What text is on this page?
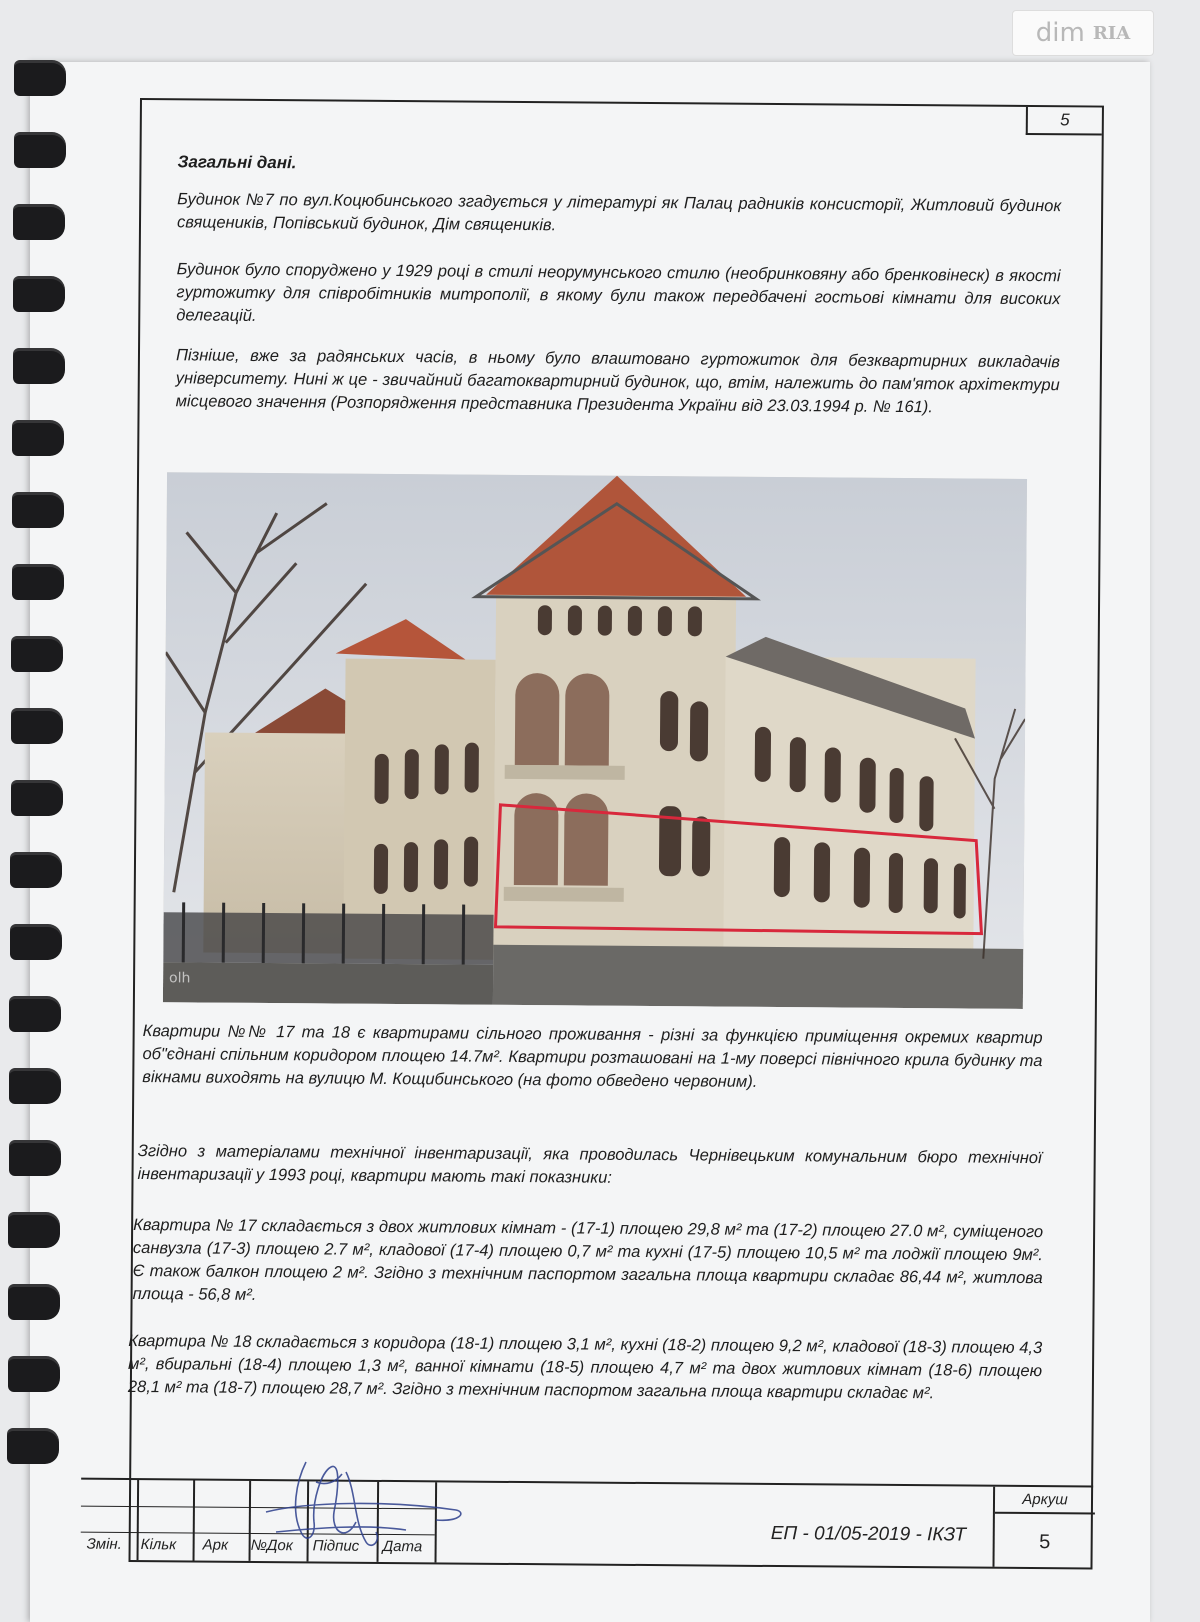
dim RIA
5

Загальні дані.

Будинок №7 по вул.Коцюбинського згадується у літературі як Палац радників консисторії, Житловий будинок священиків, Попівський будинок, Дім священиків.

Будинок було споруджено у 1929 році в стилі неорумунського стилю (необринковяну або бренковінеск) в якості гуртожитку для співробітників митрополії, в якому були також передбачені гостьові кімнати для високих делегацій.

Пізніше, вже за радянських часів, в ньому було влаштовано гуртожиток для безквартирних викладачів університету. Нині ж це - звичайний багатоквартирний будинок, що, втім, належить до пам'яток архітектури місцевого значення (Розпорядження представника Президента України від 23.03.1994 р. № 161).

olh

Квартири №№ 17 та 18 є квартирами сільного проживання - різні за функцією приміщення окремих квартир об"єднані спільним коридором площею 14.7м². Квартири розташовані на 1-му поверсі північного крила будинку та вікнами виходять на вулицю М. Кощибинського (на фото обведено червоним).

Згідно з матеріалами технічної інвентаризації, яка проводилась Чернівецьким комунальним бюро технічної інвентаризації у 1993 році, квартири мають такі показники:

Квартира № 17 складається з двох житлових кімнат - (17-1) площею 29,8 м² та (17-2) площею 27.0 м², суміщеного санвузла (17-3) площею 2.7 м², кладової (17-4) площею 0,7 м² та кухні (17-5) площею 10,5 м² та лоджії площею 9м². Є також балкон площею 2 м². Згідно з технічним паспортом загальна площа квартири складає 86,44 м², житлова площа - 56,8 м².

Квартира № 18 складається з коридора (18-1) площею 3,1 м², кухні (18-2) площею 9,2 м², кладової (18-3) площею 4,3 м², вбиральні (18-4) площею 1,3 м², ванної кімнати (18-5) площею 4,7 м² та двох житлових кімнат (18-6) площею 28,1 м² та (18-7) площею 28,7 м². Згідно з технічним паспортом загальна площа квартири складає м².

Змін. Кільк Арк №Док Підпис Дата
ЕП - 01/05-2019 - ІКЗТ
Аркуш
5
